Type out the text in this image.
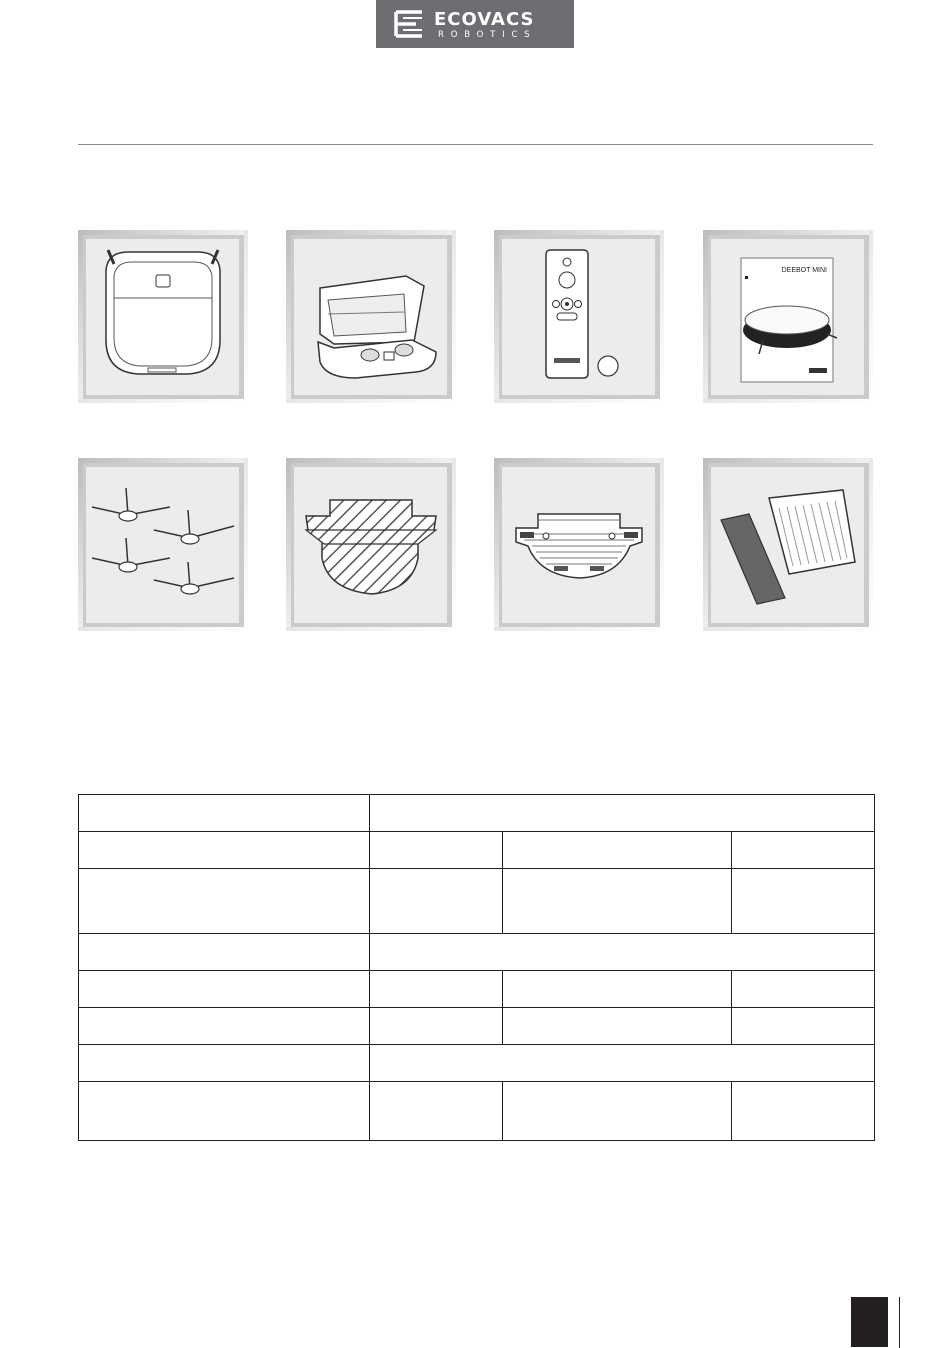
ECOVACS
ROBOTICS
DEEBOT MINI
